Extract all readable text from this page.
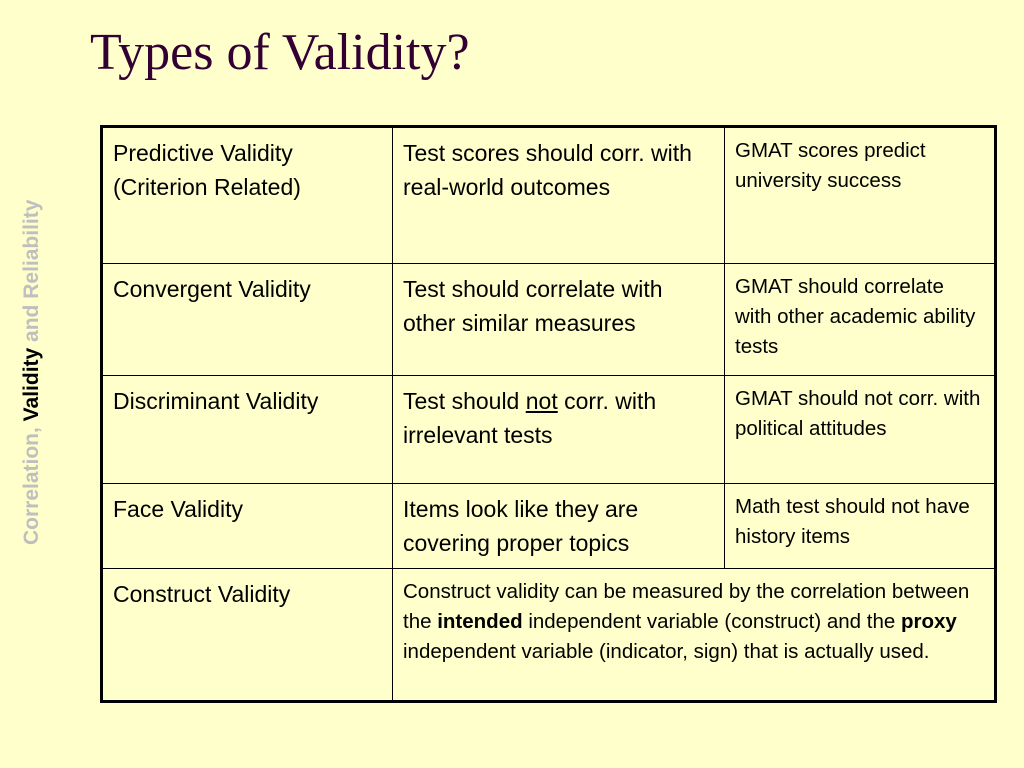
Types of Validity?
Correlation, Validity and Reliability
Predictive Validity (Criterion Related)	Test scores should corr. with real-world outcomes	GMAT scores predict university success
Convergent Validity	Test should correlate with other similar measures	GMAT should correlate with other academic ability tests
Discriminant Validity	Test should not corr. with irrelevant tests	GMAT should not corr. with political attitudes
Face Validity	Items look like they are covering proper topics	Math test should not have history items
Construct Validity	Construct validity can be measured by the correlation between the intended independent variable (construct) and the proxy independent variable (indicator, sign) that is actually used.	
